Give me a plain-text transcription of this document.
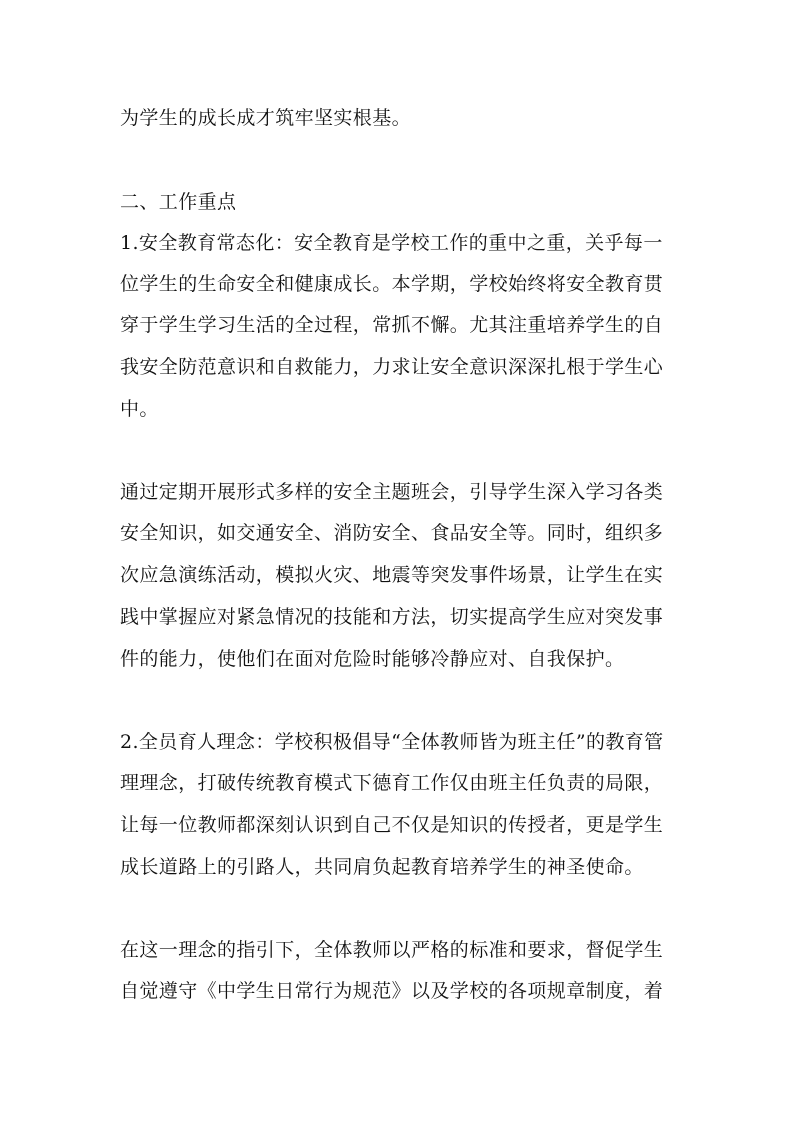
为学生的成长成才筑牢坚实根基。
二、工作重点
1.安全教育常态化：安全教育是学校工作的重中之重，关乎每一
位学生的生命安全和健康成长。本学期，学校始终将安全教育贯
穿于学生学习生活的全过程，常抓不懈。尤其注重培养学生的自
我安全防范意识和自救能力，力求让安全意识深深扎根于学生心
中。
通过定期开展形式多样的安全主题班会，引导学生深入学习各类
安全知识，如交通安全、消防安全、食品安全等。同时，组织多
次应急演练活动，模拟火灾、地震等突发事件场景，让学生在实
践中掌握应对紧急情况的技能和方法，切实提高学生应对突发事
件的能力，使他们在面对危险时能够冷静应对、自我保护。
2.全员育人理念：学校积极倡导“全体教师皆为班主任”的教育管
理理念，打破传统教育模式下德育工作仅由班主任负责的局限，
让每一位教师都深刻认识到自己不仅是知识的传授者，更是学生
成长道路上的引路人，共同肩负起教育培养学生的神圣使命。
在这一理念的指引下，全体教师以严格的标准和要求，督促学生
自觉遵守《中学生日常行为规范》以及学校的各项规章制度，着
